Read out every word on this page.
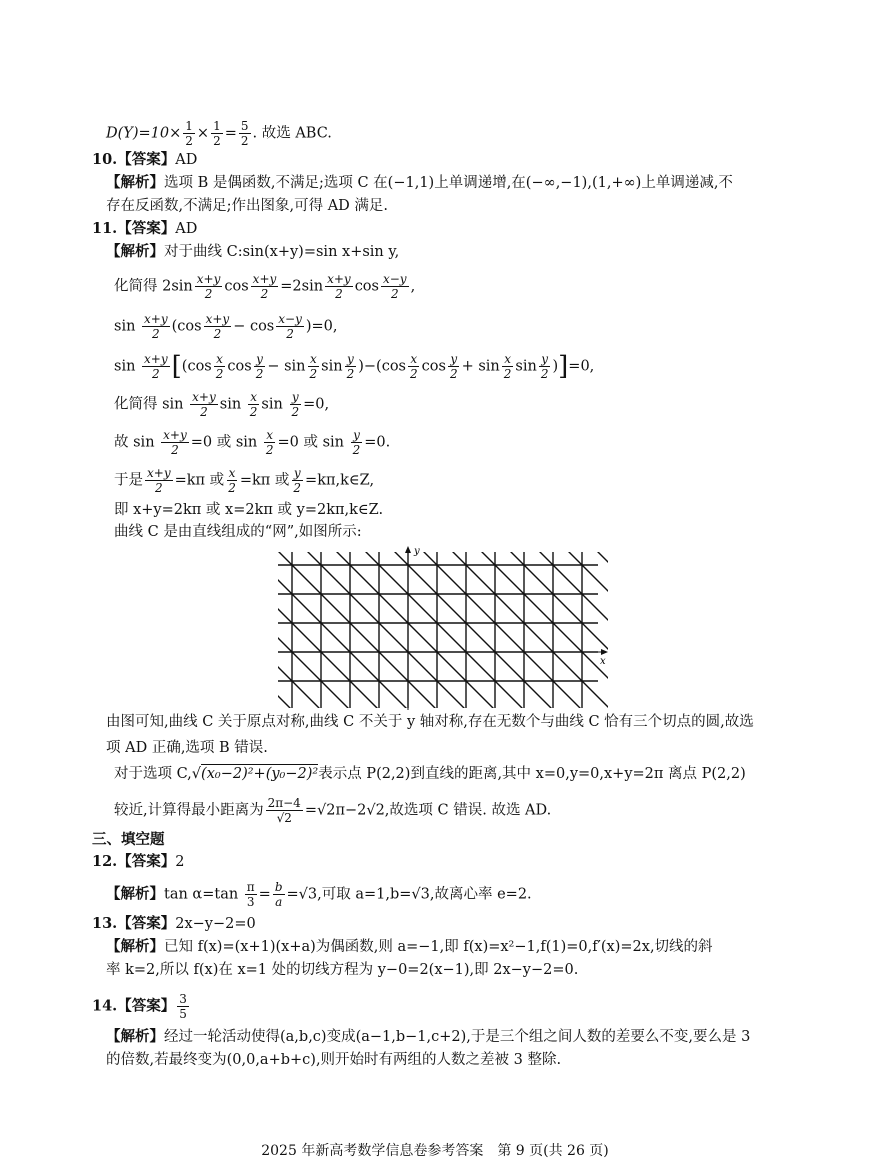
$D(Y)=10\times \frac{1}{2} \times \frac{1}{2} = \frac{5}{2}$ . 故选 ABC.
10.【答案】AD
【解析】选项 B 是偶函数,不满足;选项 C 在(−1,1)上单调递增,在(−∞,−1),(1,+∞)上单调递减,不
存在反函数,不满足;作出图象,可得 AD 满足.
11.【答案】AD
【解析】对于曲线 C:sin(x+y)=sin x+sin y,
化简得 $2\sin \frac{x+y}{2}$ $\cos \frac{x+y}{2} =2\sin \frac{x+y}{2}$ $\cos \frac{x-y}{2}$ ,
$\sin \frac{x+y}{2} (\cos \frac{x+y}{2} - \cos \frac{x-y}{2} )=0$,
$\sin \frac{x+y}{2} [(\cos \frac{x}{2}$ $\cos \frac{y}{2} - \sin \frac{x}{2}$ $\sin \frac{y}{2} )-(\cos \frac{x}{2}$ $\cos \frac{y}{2} + \sin \frac{x}{2}$ $\sin \frac{y}{2} )]=0$,
化简得 $\sin \frac{x+y}{2}$ $\sin \frac{x}{2}$ $\sin \frac{y}{2} =0$,
故 $\sin \frac{x+y}{2} =0$ 或 $\sin \frac{x}{2} =0$ 或 $\sin \frac{y}{2} =0$.
于是 $\frac{x+y}{2} =k\pi$ 或 $\frac{x}{2} =k\pi$ 或 $\frac{y}{2}$ =kπ,k∈Z,
即 x+y=2kπ 或 x=2kπ 或 y=2kπ,k∈Z.
曲线 C 是由直线组成的“网”,如图所示:
x
y
由图可知,曲线 C 关于原点对称,曲线 C 不关于 y 轴对称,存在无数个与曲线 C 恰有三个切点的圆,故选
项 AD 正确,选项 B 错误.
对于选项 C,√(x₀−2)²+(y₀−2)²表示点 P(2,2)到直线的距离,其中 x=0,y=0,x+y=2π 离点 P(2,2)
较近,计算得最小距离为 $\frac{2\pi-4}{√2} =√2\pi-2√2$,故选项 C 错误. 故选 AD.
三、填空题
12.【答案】2
【解析】$\tan \alpha=\tan \frac{\pi}{3} = \frac{b}{a} =√3$,可取 a=1,b=√3,故离心率 e=2.
13.【答案】2x−y−2=0
【解析】已知 f(x)=(x+1)(x+a)为偶函数,则 a=−1,即 f(x)=x²−1,f(1)=0,f′(x)=2x,切线的斜
率 k=2,所以 f(x)在 x=1 处的切线方程为 y−0=2(x−1),即 2x−y−2=0.
14.【答案】 $\frac{3}{5}$
【解析】经过一轮活动使得(a,b,c)变成(a−1,b−1,c+2),于是三个组之间人数的差要么不变,要么是 3
的倍数,若最终变为(0,0,a+b+c),则开始时有两组的人数之差被 3 整除.
2025 年新高考数学信息卷参考答案　第 9 页(共 26 页)
